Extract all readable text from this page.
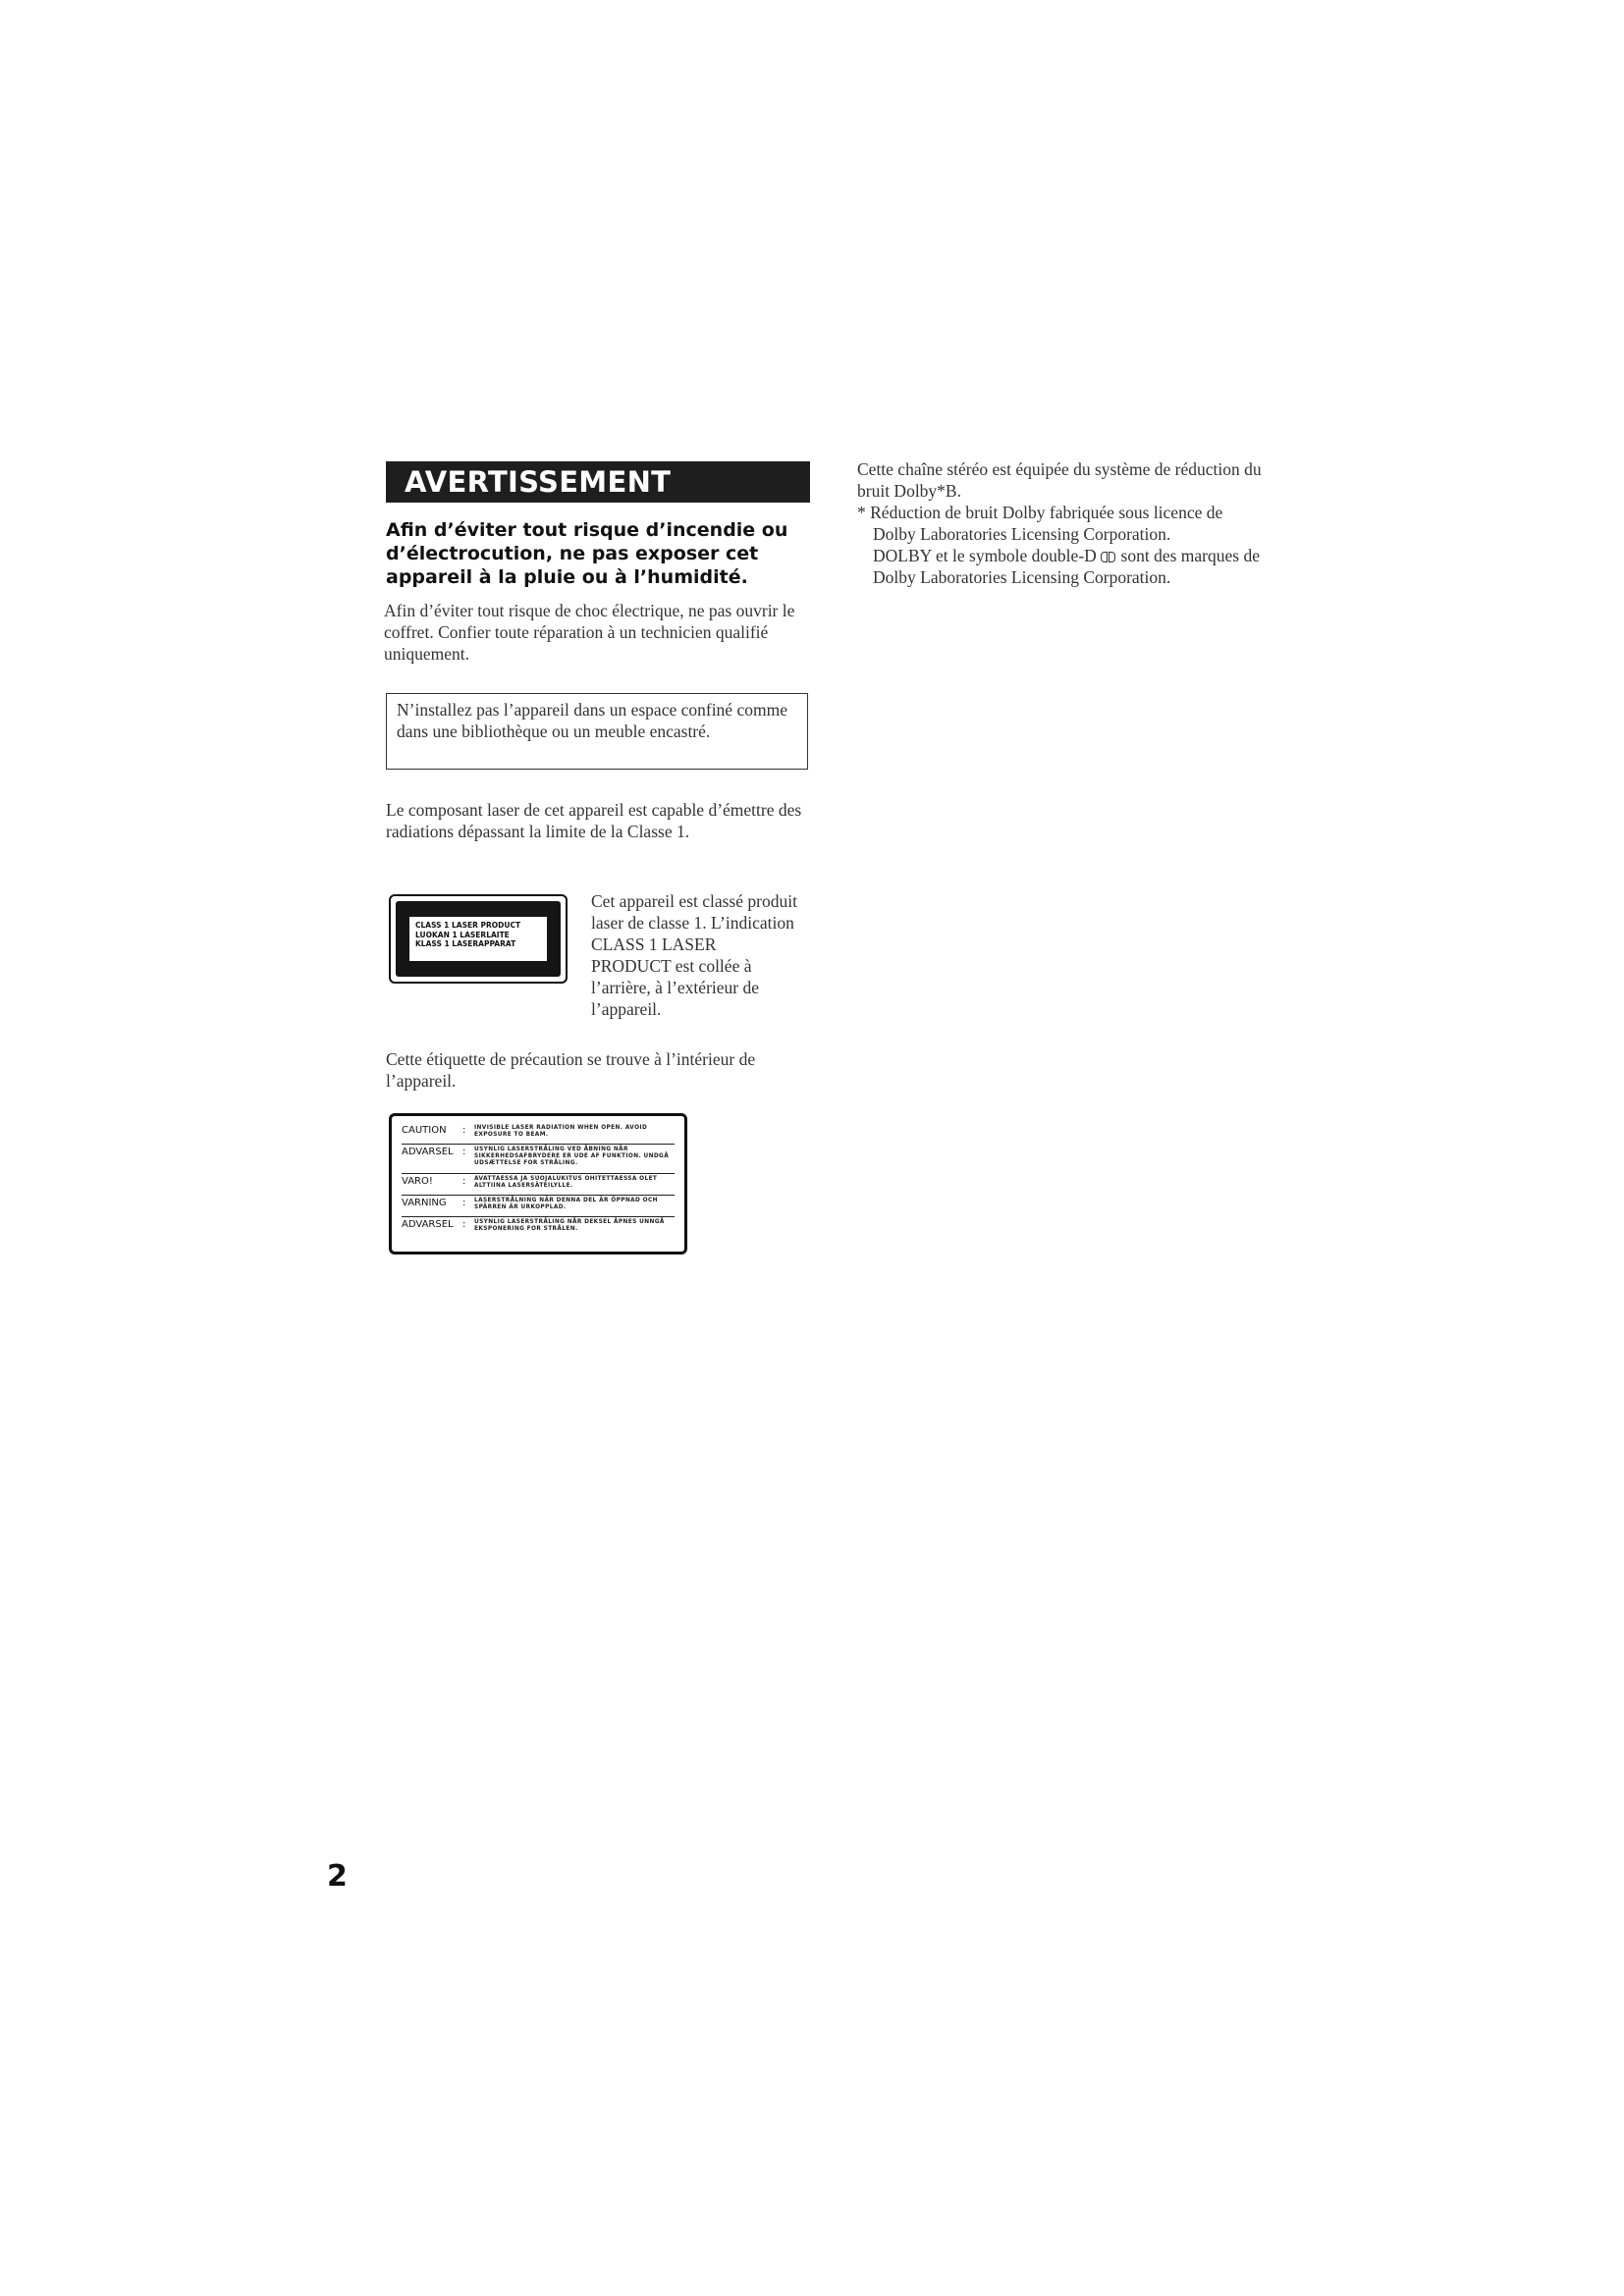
AVERTISSEMENT
Afin d’éviter tout risque d’incendie ou d’électrocution, ne pas exposer cet appareil à la pluie ou à l’humidité.
Afin d’éviter tout risque de choc électrique, ne pas ouvrir le coffret. Confier toute réparation à un technicien qualifié uniquement.
N’installez pas l’appareil dans un espace confiné comme dans une bibliothèque ou un meuble encastré.
Le composant laser de cet appareil est capable d’émettre des radiations dépassant la limite de la Classe 1.
CLASS 1 LASER PRODUCT
LUOKAN 1 LASERLAITE
KLASS 1 LASERAPPARAT
Cet appareil est classé produit laser de classe 1. L’indication CLASS 1 LASER PRODUCT est collée à l’arrière, à l’extérieur de l’appareil.
Cette étiquette de précaution se trouve à l’intérieur de l’appareil.
CAUTION	:	INVISIBLE LASER RADIATION WHEN OPEN. AVOID EXPOSURE TO BEAM.
ADVARSEL :	USYNLIG LASERSTRÅLING VED ÅBNING NÅR SIKKERHEDSAFBRYDERE ER UDE AF FUNKTION. UNDGÅ UDSÆTTELSE FOR STRÅLING.
VARO!	:	AVATTAESSA JA SUOJALUKITUS OHITETTAESSA OLET ALTTIINA LASERSÄTEILYLLE.
VARNING	:	LASERSTRÅLNING NÄR DENNA DEL ÄR ÖPPNAD OCH SPÄRREN ÄR URKOPPLAD.
ADVARSEL :	USYNLIG LASERSTRÅLING NÅR DEKSEL ÅPNES UNNGÅ EKSPONERING FOR STRÅLEN.
Cette chaîne stéréo est équipée du système de réduction du bruit Dolby*B.
* Réduction de bruit Dolby fabriquée sous licence de Dolby Laboratories Licensing Corporation.
DOLBY et le symbole double-D sont des marques de Dolby Laboratories Licensing Corporation.
2
